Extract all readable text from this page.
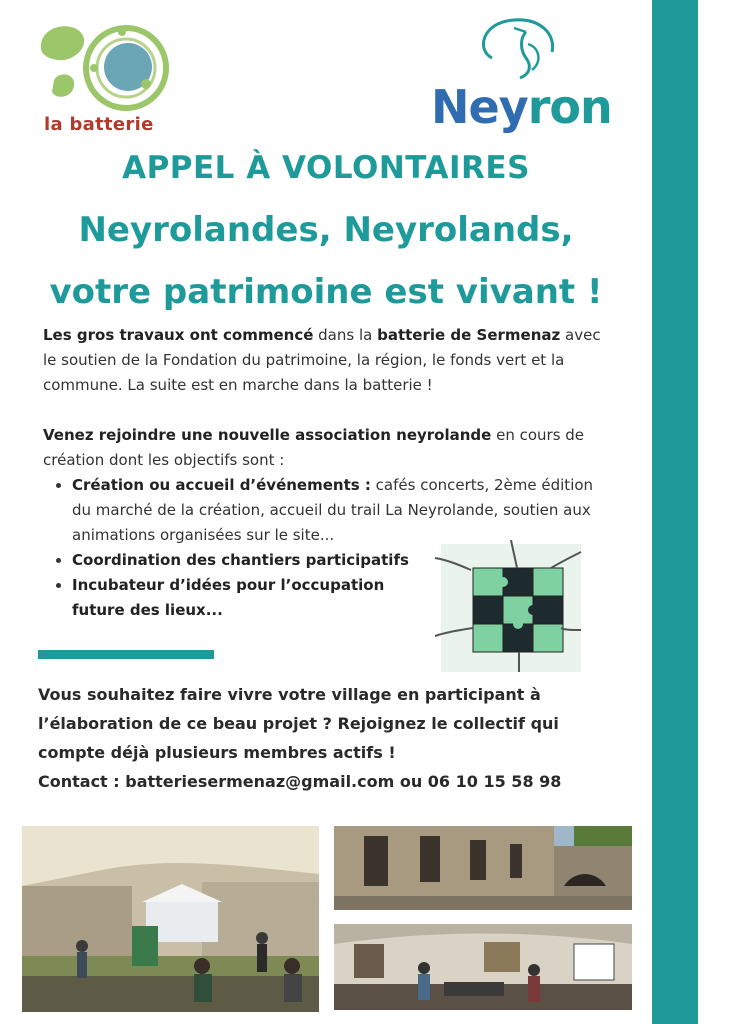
la batterie	Neyron
APPEL À VOLONTAIRES
Neyrolandes, Neyrolands,
votre patrimoine est vivant !
Les gros travaux ont commencé dans la batterie de Sermenaz avec le soutien de la Fondation du patrimoine, la région, le fonds vert et la commune. La suite est en marche dans la batterie !
Venez rejoindre une nouvelle association neyrolande en cours de création dont les objectifs sont :
• Création ou accueil d’événements : cafés concerts, 2ème édition du marché de la création, accueil du trail La Neyrolande, soutien aux animations organisées sur le site...
• Coordination des chantiers participatifs
• Incubateur d’idées pour l’occupation future des lieux...
Vous souhaitez faire vivre votre village en participant à
l’élaboration de ce beau projet ? Rejoignez le collectif qui
compte déjà plusieurs membres actifs !
Contact : batteriesermenaz@gmail.com ou 06 10 15 58 98
